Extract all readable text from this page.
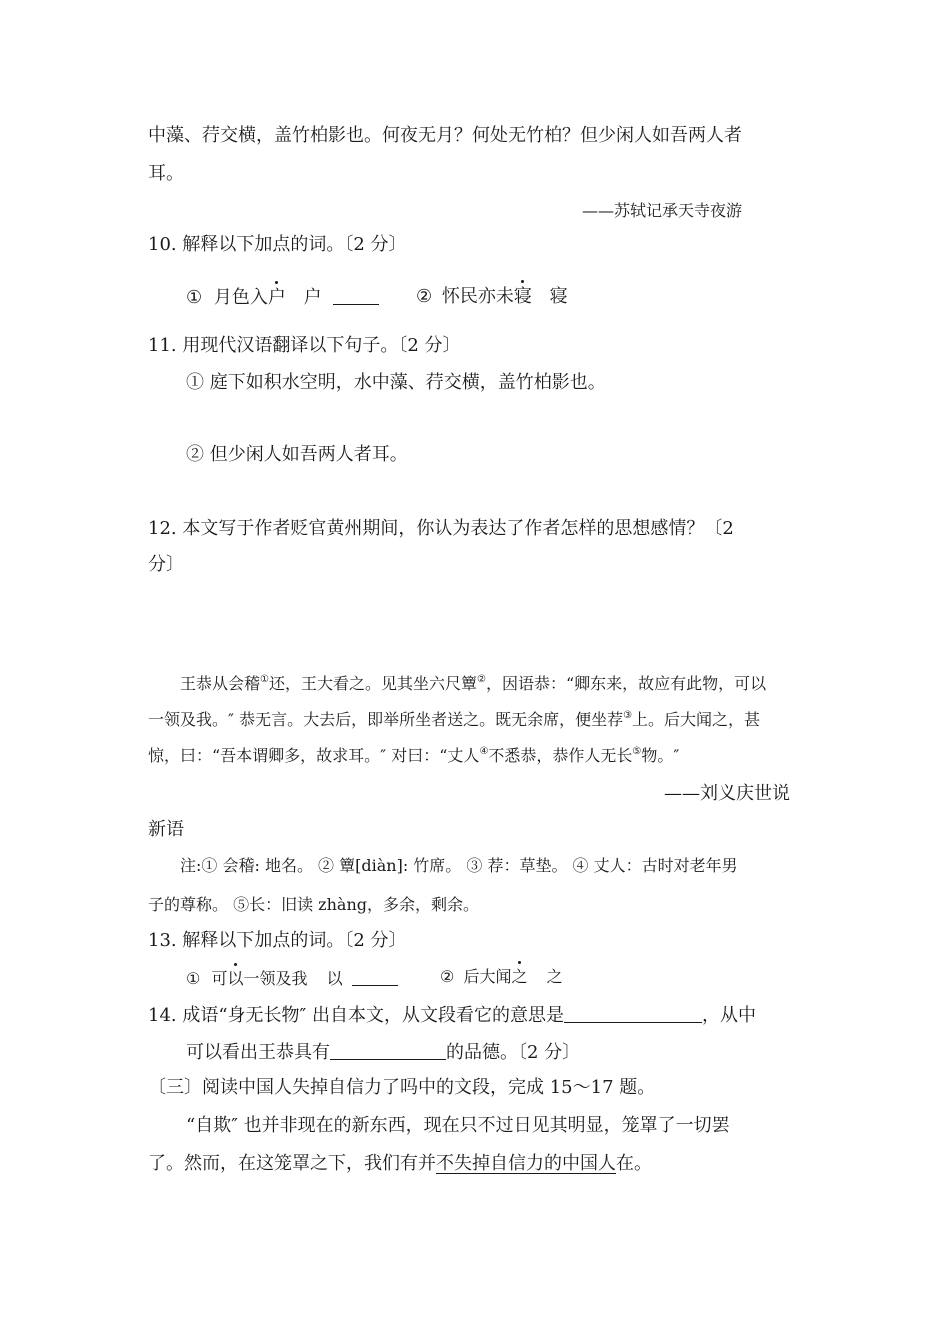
中藻、荇交横，盖竹柏影也。何夜无月？何处无竹柏？但少闲人如吾两人者
耳。
——苏轼记承天寺夜游
10. 解释以下加点的词。〔2 分〕
① 月色入户 户	② 怀民亦未寝 寝
11. 用现代汉语翻译以下句子。〔2 分〕
① 庭下如积水空明，水中藻、荇交横，盖竹柏影也。
② 但少闲人如吾两人者耳。
12. 本文写于作者贬官黄州期间，你认为表达了作者怎样的思想感情？〔2
分〕
王恭从会稽①还，王大看之。见其坐六尺簟②，因语恭：“卿东来，故应有此物，可以
一领及我。″ 恭无言。大去后，即举所坐者送之。既无余席，便坐荐③上。后大闻之，甚
惊，曰：“吾本谓卿多，故求耳。″ 对曰：“丈人④不悉恭，恭作人无长⑤物。″
——刘义庆世说
新语
注:① 会稽: 地名。 ② 簟[diàn]: 竹席。 ③ 荐：草垫。 ④ 丈人：古时对老年男
子的尊称。 ⑤长：旧读 zhàng，多余，剩余。
13. 解释以下加点的词。〔2 分〕
① 可以一领及我 以	② 后大闻之 之
14. 成语“身无长物″ 出自本文，从文段看它的意思是	，从中
可以看出王恭具有	的品德。〔2 分〕
〔三〕阅读中国人失掉自信力了吗中的文段，完成 15～17 题。
“自欺″ 也并非现在的新东西，现在只不过日见其明显，笼罩了一切罢
了。然而，在这笼罩之下，我们有并不失掉自信力的中国人在。
